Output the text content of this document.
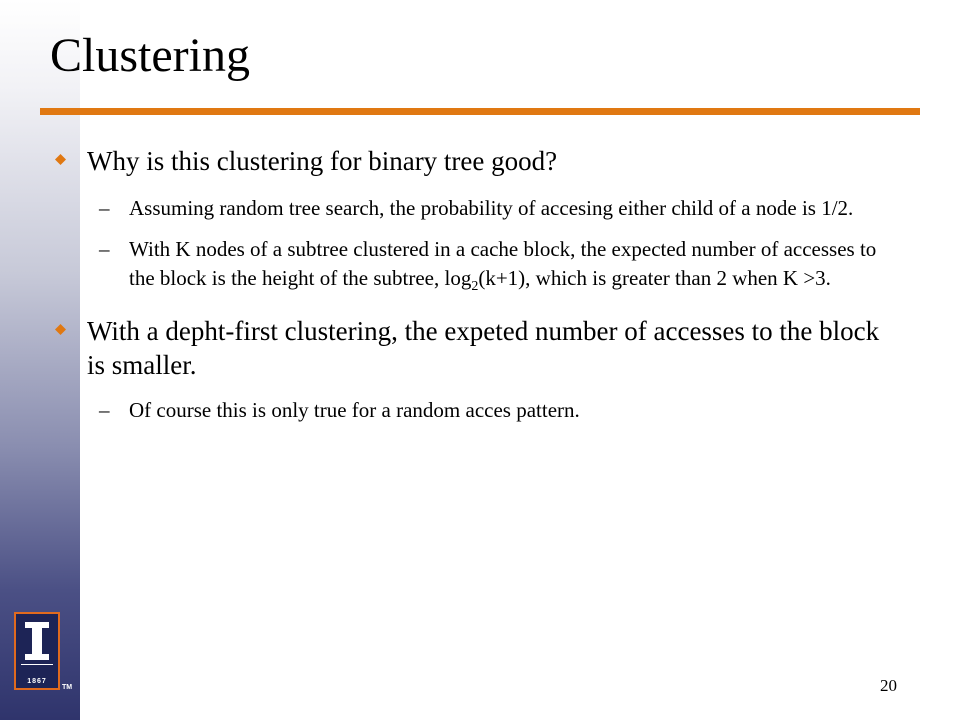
1867
TM
Clustering
Why is this clustering for binary tree good?
– Assuming random tree search, the probability of accesing either child of a node is 1/2.
– With K nodes of a subtree clustered in a cache block, the expected number of accesses to the block is the height of the subtree, $\log_2(k+1)$, which is greater than 2 when K >3.
With a depht-first clustering, the expeted number of accesses to the block is smaller.
– Of course this is only true for a random acces pattern.
20
